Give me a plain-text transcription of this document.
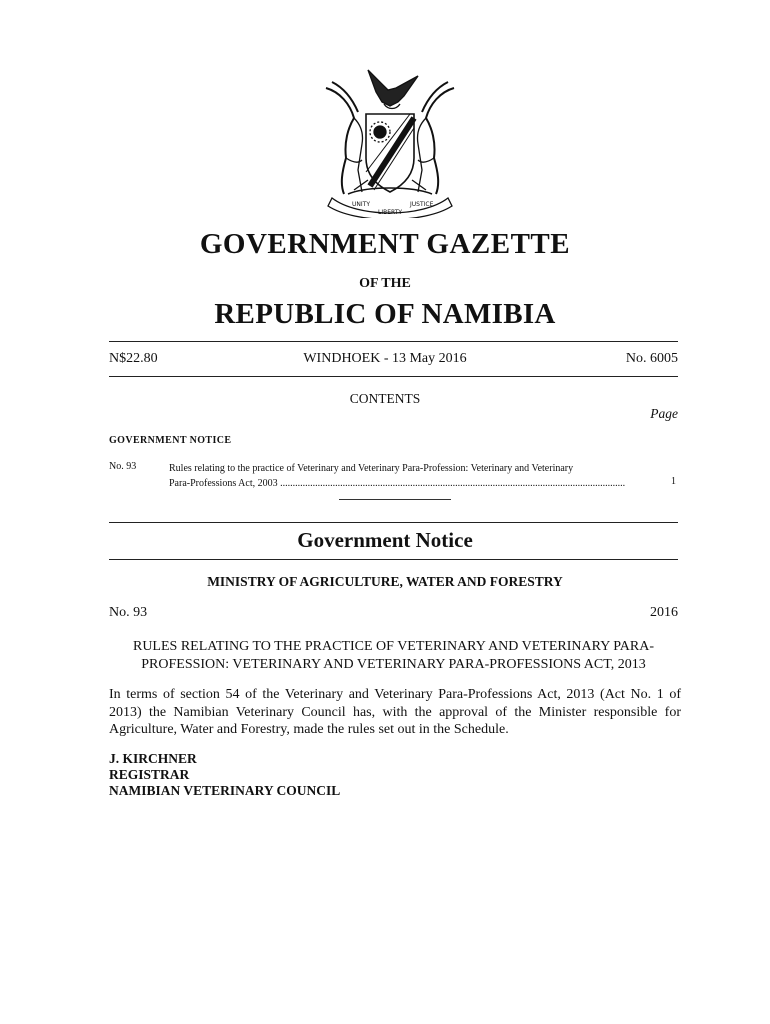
UNITY
LIBERTY
JUSTICE
GOVERNMENT GAZETTE
OF THE
REPUBLIC OF NAMIBIA
N$22.80	WINDHOEK - 13 May 2016	No. 6005
CONTENTS
Page
GOVERNMENT NOTICE
No. 93	Rules relating to the practice of Veterinary and Veterinary Para-Profession: Veterinary and Veterinary
Para-Professions Act, 2003 ..........................................................................................................................................	1
Government Notice
MINISTRY OF AGRICULTURE, WATER AND FORESTRY
No. 93	2016
RULES RELATING TO THE PRACTICE OF VETERINARY AND VETERINARY PARA-
PROFESSION: VETERINARY AND VETERINARY PARA-PROFESSIONS ACT, 2013
In terms of section 54 of the Veterinary and Veterinary Para-Professions Act, 2013 (Act No. 1 of 2013) the Namibian Veterinary Council has, with the approval of the Minister responsible for Agriculture, Water and Forestry, made the rules set out in the Schedule.
J. KIRCHNER
REGISTRAR
NAMIBIAN VETERINARY COUNCIL
